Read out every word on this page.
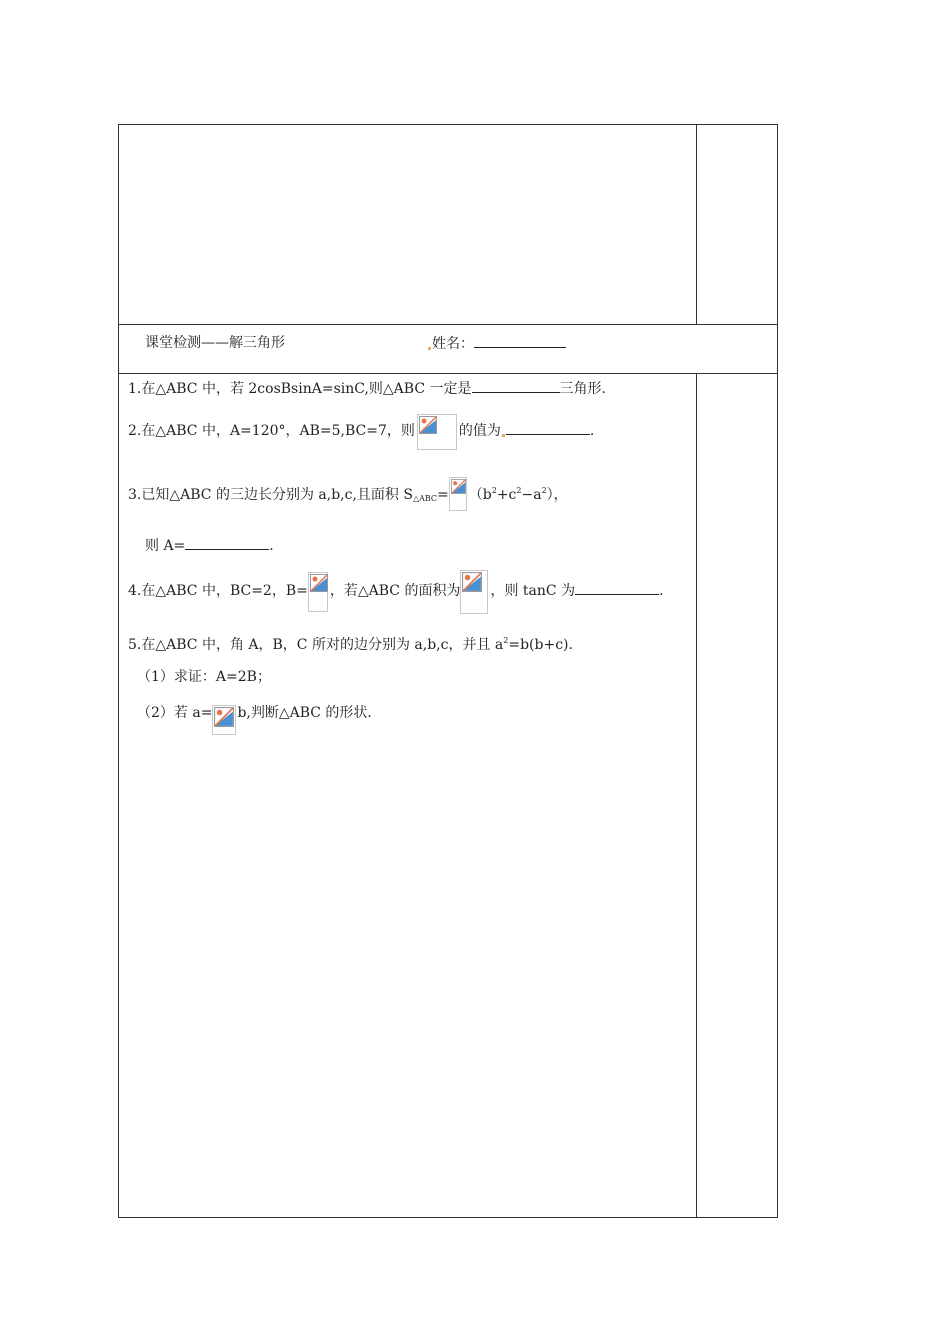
课堂检测——解三角形	姓名：
1.在△ABC 中，若 2cosBsinA=sinC,则△ABC 一定是	三角形.
2.在△ABC 中，A=120°，AB=5,BC=7，则	的值为	.
3.已知△ABC 的三边长分别为 a,b,c,且面积 $S_{\triangle ABC}= (b^2+c^2-a^2)$，
则 A=	.
4.在△ABC 中，BC=2，B= ，若△ABC 的面积为 ，则 tanC 为	.
5.在△ABC 中，角 A，B，C 所对的边分别为 a,b,c，并且 $a^2=b(b+c)$.
（1）求证：A=2B；
（2）若 a= b,判断△ABC 的形状.
